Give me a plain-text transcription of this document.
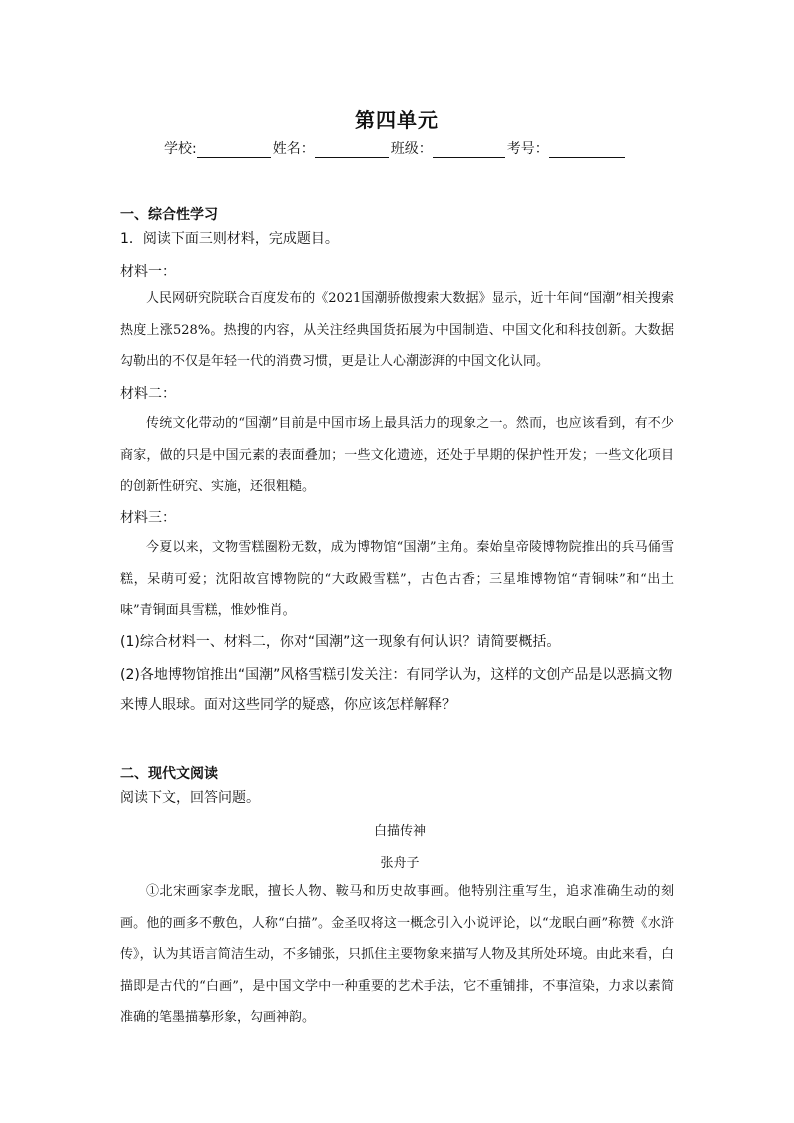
第四单元
学校:	姓名：	班级：	考号：
一、综合性学习
1．阅读下面三则材料，完成题目。
材料一：
人民网研究院联合百度发布的《2021国潮骄傲搜索大数据》显示，近十年间“国潮”相关搜索热度上涨528%。热搜的内容，从关注经典国货拓展为中国制造、中国文化和科技创新。大数据勾勒出的不仅是年轻一代的消费习惯，更是让人心潮澎湃的中国文化认同。
材料二：
传统文化带动的“国潮”目前是中国市场上最具活力的现象之一。然而，也应该看到，有不少商家，做的只是中国元素的表面叠加；一些文化遗迹，还处于早期的保护性开发；一些文化项目的创新性研究、实施，还很粗糙。
材料三：
今夏以来，文物雪糕圈粉无数，成为博物馆“国潮”主角。秦始皇帝陵博物院推出的兵马俑雪糕，呆萌可爱；沈阳故宫博物院的“大政殿雪糕”，古色古香；三星堆博物馆“青铜味”和“出土味”青铜面具雪糕，惟妙惟肖。
(1)综合材料一、材料二，你对“国潮”这一现象有何认识？请简要概括。
(2)各地博物馆推出“国潮”风格雪糕引发关注：有同学认为，这样的文创产品是以恶搞文物来博人眼球。面对这些同学的疑惑，你应该怎样解释？
二、现代文阅读
阅读下文，回答问题。
白描传神
张舟子
①北宋画家李龙眠，擅长人物、鞍马和历史故事画。他特别注重写生，追求准确生动的刻画。他的画多不敷色，人称“白描”。金圣叹将这一概念引入小说评论，以“龙眠白画”称赞《水浒传》，认为其语言简洁生动，不多铺张，只抓住主要物象来描写人物及其所处环境。由此来看，白描即是古代的“白画”，是中国文学中一种重要的艺术手法，它不重铺排，不事渲染，力求以素简准确的笔墨描摹形象，勾画神韵。
